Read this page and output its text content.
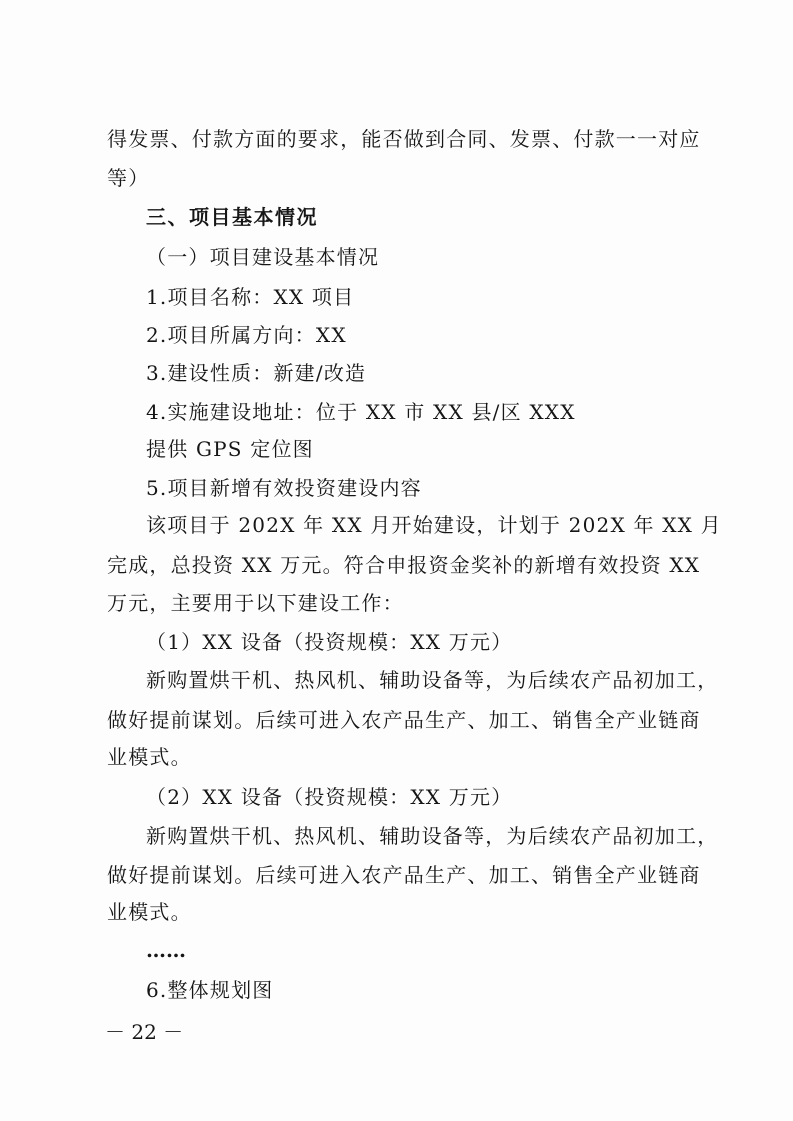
得发票、付款方面的要求，能否做到合同、发票、付款一一对应
等）
三、项目基本情况
（一）项目建设基本情况
1.项目名称：XX 项目
2.项目所属方向：XX
3.建设性质：新建/改造
4.实施建设地址：位于 XX 市 XX 县/区 XXX
提供 GPS 定位图
5.项目新增有效投资建设内容
该项目于 202X 年 XX 月开始建设，计划于 202X 年 XX 月
完成，总投资 XX 万元。符合申报资金奖补的新增有效投资 XX
万元，主要用于以下建设工作：
（1）XX 设备（投资规模：XX 万元）
新购置烘干机、热风机、辅助设备等，为后续农产品初加工，
做好提前谋划。后续可进入农产品生产、加工、销售全产业链商
业模式。
（2）XX 设备（投资规模：XX 万元）
新购置烘干机、热风机、辅助设备等，为后续农产品初加工，
做好提前谋划。后续可进入农产品生产、加工、销售全产业链商
业模式。
……
6.整体规划图
－ 22 －
